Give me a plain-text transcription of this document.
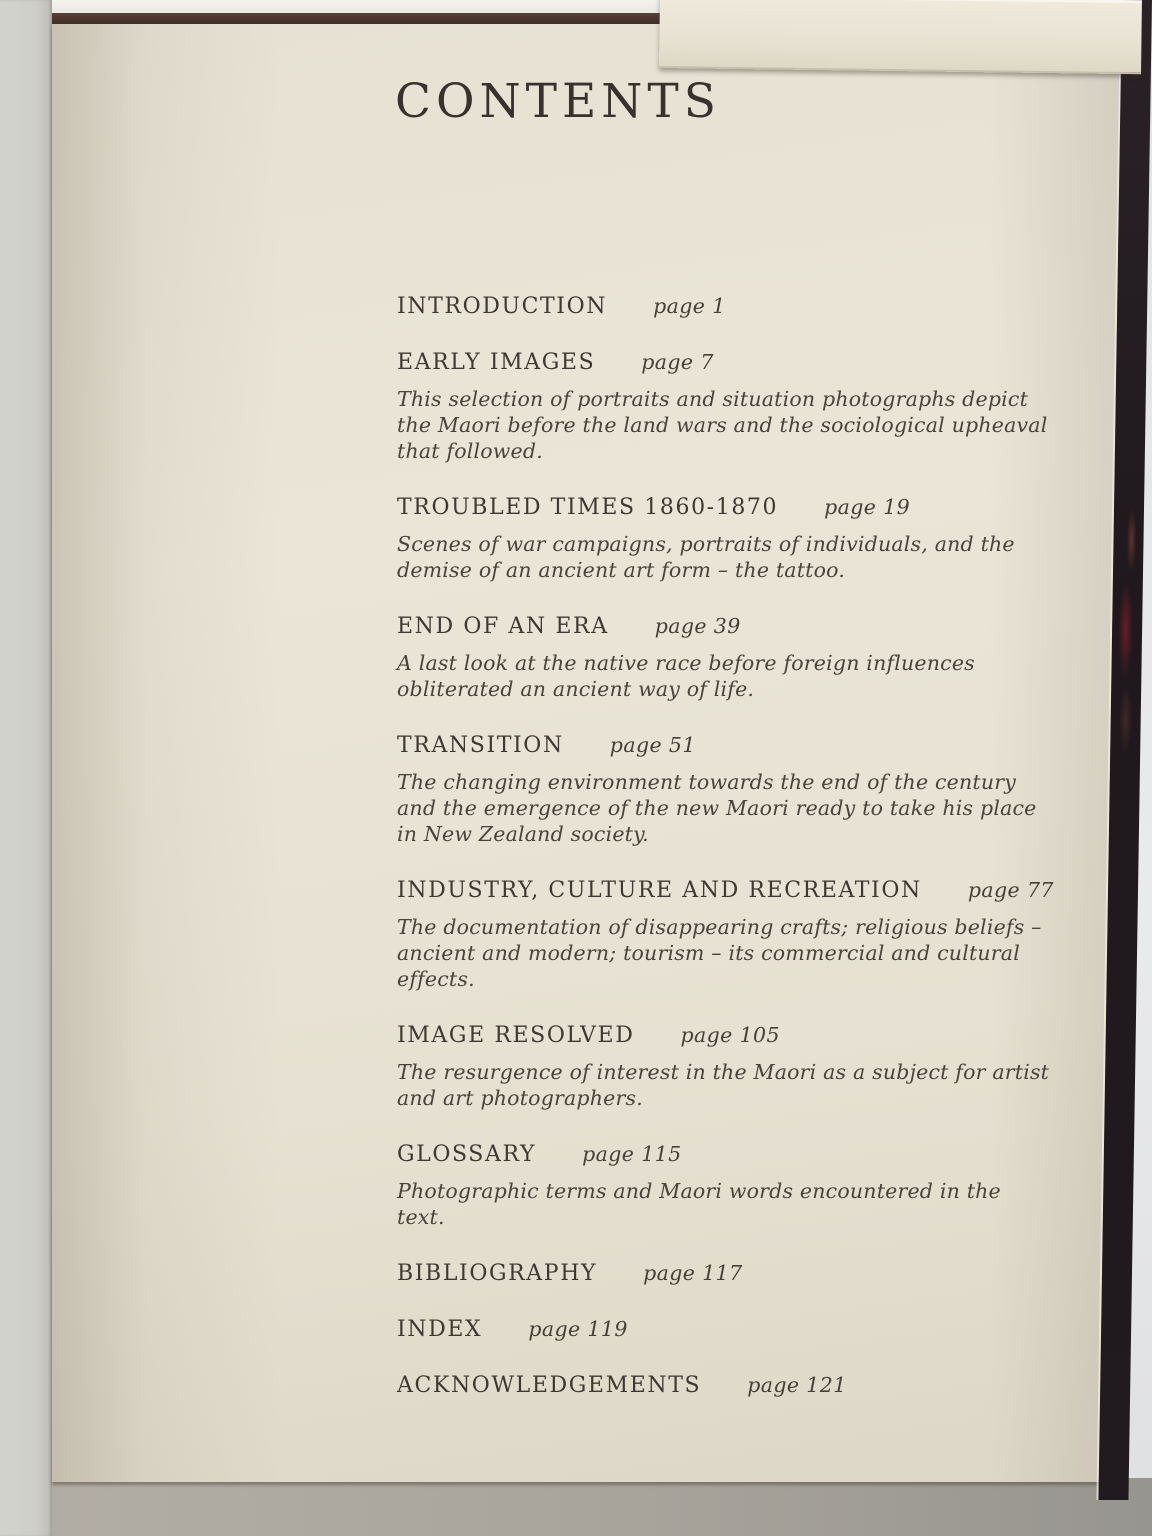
CONTENTS
INTRODUCTION page 1
EARLY IMAGES page 7
This selection of portraits and situation photographs depict the Maori before the land wars and the sociological upheaval that followed.
TROUBLED TIMES 1860-1870 page 19
Scenes of war campaigns, portraits of individuals, and the demise of an ancient art form – the tattoo.
END OF AN ERA page 39
A last look at the native race before foreign influences obliterated an ancient way of life.
TRANSITION page 51
The changing environment towards the end of the century and the emergence of the new Maori ready to take his place in New Zealand society.
INDUSTRY, CULTURE AND RECREATION page 77
The documentation of disappearing crafts; religious beliefs – ancient and modern; tourism – its commercial and cultural effects.
IMAGE RESOLVED page 105
The resurgence of interest in the Maori as a subject for artist and art photographers.
GLOSSARY page 115
Photographic terms and Maori words encountered in the text.
BIBLIOGRAPHY page 117
INDEX page 119
ACKNOWLEDGEMENTS page 121
